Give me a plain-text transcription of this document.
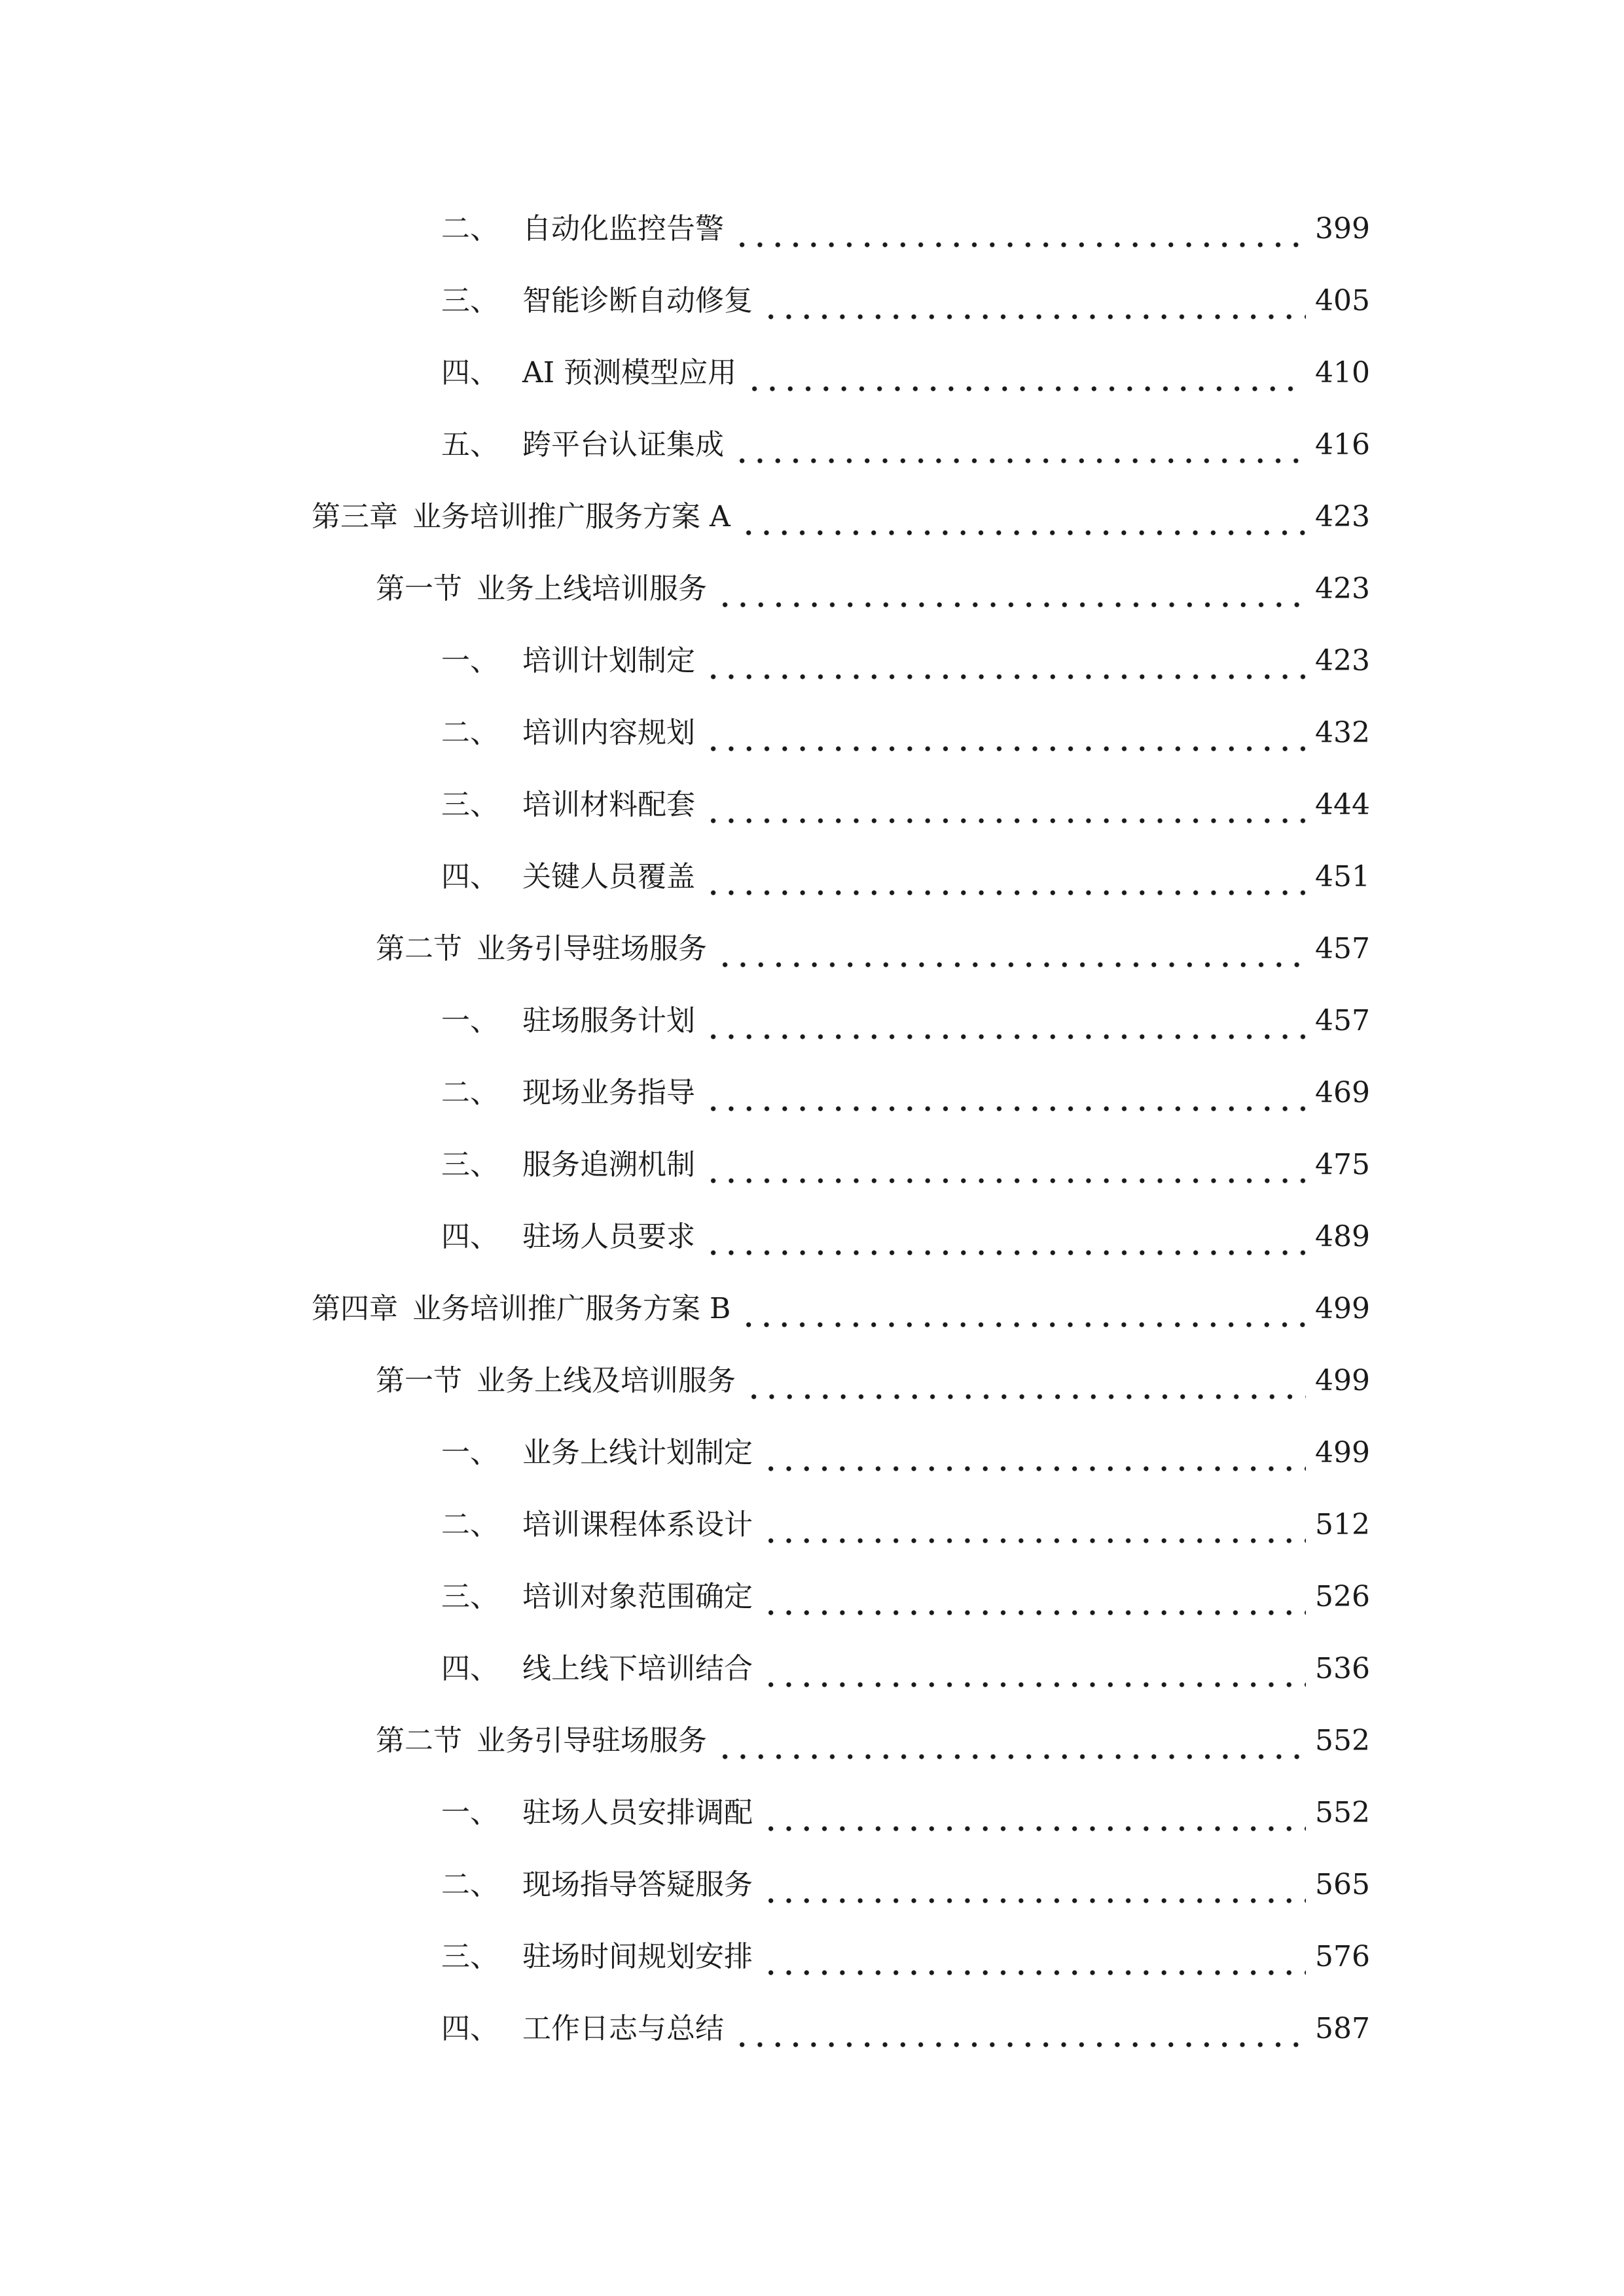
二、 自动化监控告警	399
三、 智能诊断自动修复	405
四、 AI 预测模型应用	410
五、 跨平台认证集成	416
第三章 业务培训推广服务方案 A	423
第一节 业务上线培训服务	423
一、 培训计划制定	423
二、 培训内容规划	432
三、 培训材料配套	444
四、 关键人员覆盖	451
第二节 业务引导驻场服务	457
一、 驻场服务计划	457
二、 现场业务指导	469
三、 服务追溯机制	475
四、 驻场人员要求	489
第四章 业务培训推广服务方案 B	499
第一节 业务上线及培训服务	499
一、 业务上线计划制定	499
二、 培训课程体系设计	512
三、 培训对象范围确定	526
四、 线上线下培训结合	536
第二节 业务引导驻场服务	552
一、 驻场人员安排调配	552
二、 现场指导答疑服务	565
三、 驻场时间规划安排	576
四、 工作日志与总结	587
